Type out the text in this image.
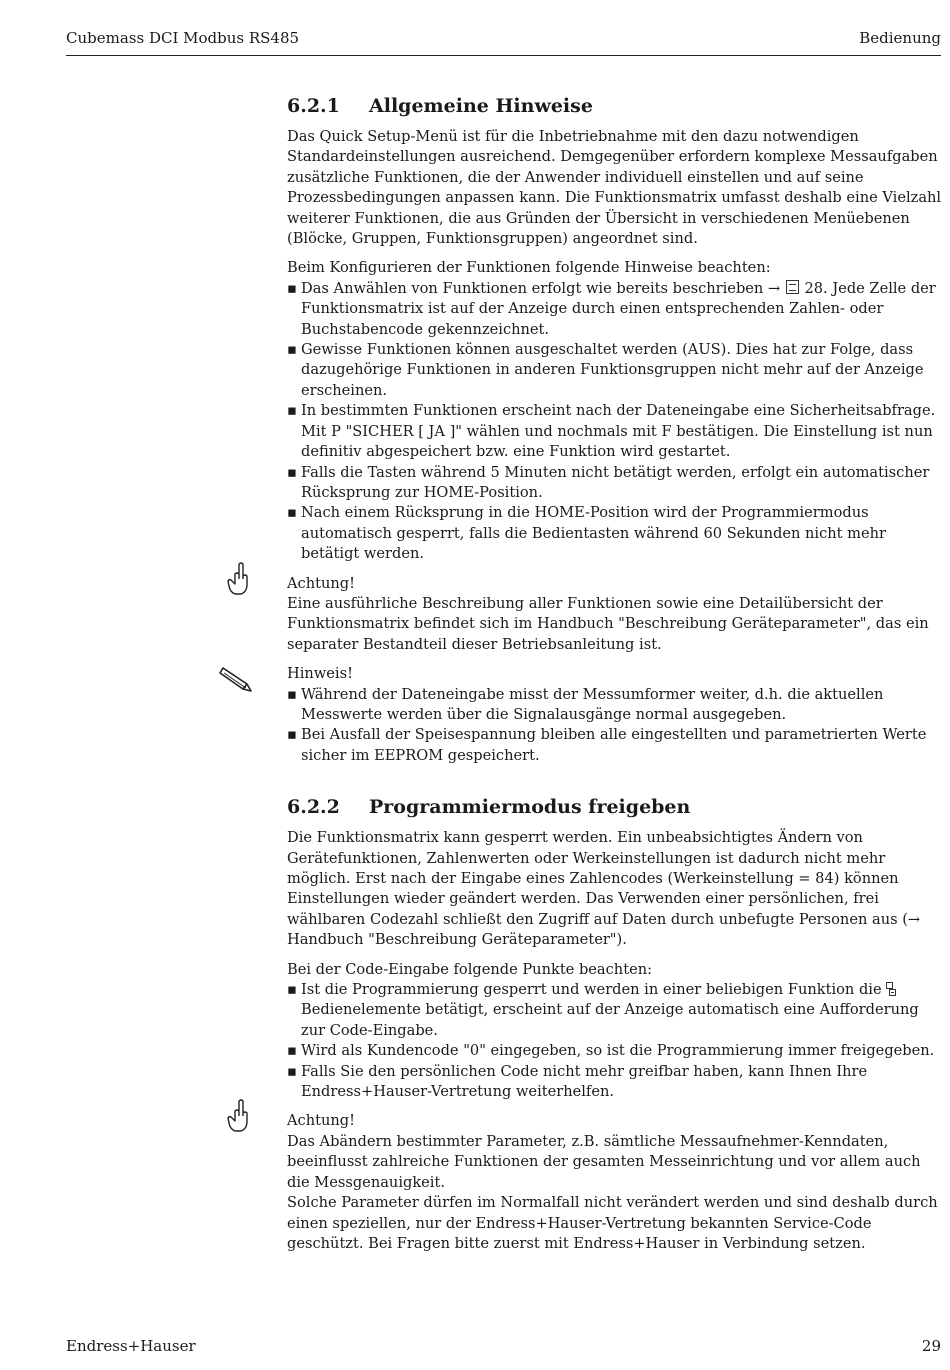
Cubemass DCI Modbus RS485	Bedienung
6.2.1 Allgemeine Hinweise

Das Quick Setup-Menü ist für die Inbetriebnahme mit den dazu notwendigen Standardeinstellungen ausreichend. Demgegenüber erfordern komplexe Messaufgaben zusätzliche Funktionen, die der Anwender individuell einstellen und auf seine Prozessbedingungen anpassen kann. Die Funktionsmatrix umfasst deshalb eine Vielzahl weiterer Funktionen, die aus Gründen der Übersicht in verschiedenen Menüebenen (Blöcke, Gruppen, Funktionsgruppen) angeordnet sind.

Beim Konfigurieren der Funktionen folgende Hinweise beachten:

▪ Das Anwählen von Funktionen erfolgt wie bereits beschrieben →  28. Jede Zelle der Funktionsmatrix ist auf der Anzeige durch einen entsprechenden Zahlen- oder Buchstabencode gekennzeichnet.
▪ Gewisse Funktionen können ausgeschaltet werden (AUS). Dies hat zur Folge, dass dazugehörige Funktionen in anderen Funktionsgruppen nicht mehr auf der Anzeige erscheinen.
▪ In bestimmten Funktionen erscheint nach der Dateneingabe eine Sicherheitsabfrage. Mit P "SICHER [ JA ]" wählen und nochmals mit F bestätigen. Die Einstellung ist nun definitiv abgespeichert bzw. eine Funktion wird gestartet.
▪ Falls die Tasten während 5 Minuten nicht betätigt werden, erfolgt ein automatischer Rücksprung zur HOME-Position.
▪ Nach einem Rücksprung in die HOME-Position wird der Programmiermodus automatisch gesperrt, falls die Bedientasten während 60 Sekunden nicht mehr betätigt werden.

Achtung!

Eine ausführliche Beschreibung aller Funktionen sowie eine Detailübersicht der Funktionsmatrix befindet sich im Handbuch "Beschreibung Geräteparameter", das ein separater Bestandteil dieser Betriebsanleitung ist.

Hinweis!

▪ Während der Dateneingabe misst der Messumformer weiter, d.h. die aktuellen Messwerte werden über die Signalausgänge normal ausgegeben.
▪ Bei Ausfall der Speisespannung bleiben alle eingestellten und parametrierten Werte sicher im EEPROM gespeichert.
6.2.2 Programmiermodus freigeben

Die Funktionsmatrix kann gesperrt werden. Ein unbeabsichtigtes Ändern von Gerätefunktionen, Zahlenwerten oder Werkeinstellungen ist dadurch nicht mehr möglich. Erst nach der Eingabe eines Zahlencodes (Werkeinstellung = 84) können Einstellungen wieder geändert werden. Das Verwenden einer persönlichen, frei wählbaren Codezahl schließt den Zugriff auf Daten durch unbefugte Personen aus (→ Handbuch "Beschreibung Geräteparameter").

Bei der Code-Eingabe folgende Punkte beachten:

▪ Ist die Programmierung gesperrt und werden in einer beliebigen Funktion die  Bedienelemente betätigt, erscheint auf der Anzeige automatisch eine Aufforderung zur Code-Eingabe.
▪ Wird als Kundencode "0" eingegeben, so ist die Programmierung immer freigegeben.
▪ Falls Sie den persönlichen Code nicht mehr greifbar haben, kann Ihnen Ihre Endress+Hauser-Vertretung weiterhelfen.

Achtung!

Das Abändern bestimmter Parameter, z.B. sämtliche Messaufnehmer-Kenndaten, beeinflusst zahlreiche Funktionen der gesamten Messeinrichtung und vor allem auch die Messgenauigkeit.

Solche Parameter dürfen im Normalfall nicht verändert werden und sind deshalb durch einen speziellen, nur der Endress+Hauser-Vertretung bekannten Service-Code geschützt. Bei Fragen bitte zuerst mit Endress+Hauser in Verbindung setzen.

Endress+Hauser	29
